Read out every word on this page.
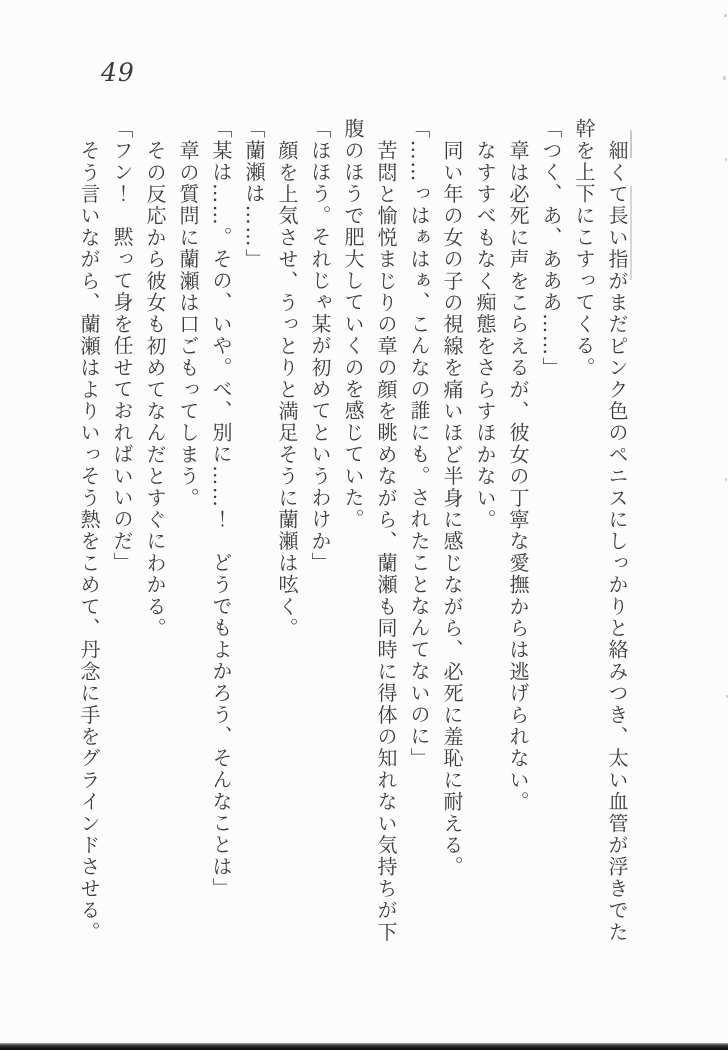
49

細くて長い指がまだピンク色のペニスにしっかりと絡みつき、太い血管が浮きでた

幹を上下にこすってくる。

「つく、あ、あああ……」

章は必死に声をこらえるが、彼女の丁寧な愛撫からは逃げられない。

なすすべもなく痴態をさらすほかない。

同い年の女の子の視線を痛いほど半身に感じながら、必死に羞恥に耐える。

「……っはぁはぁ、こんなの誰にも。されたことなんてないのに」

苦悶と愉悦まじりの章の顔を眺めながら、蘭瀬も同時に得体の知れない気持ちが下

腹のほうで肥大していくのを感じていた。

「ほほう。それじゃ某が初めてというわけか」

顔を上気させ、うっとりと満足そうに蘭瀬は呟く。

「蘭瀬は……」

「某は……。その、いや。べ、別に……！　どうでもよかろう、そんなことは」

章の質問に蘭瀬は口ごもってしまう。

その反応から彼女も初めてなんだとすぐにわかる。

「フン！　黙って身を任せておればいいのだ」

そう言いながら、蘭瀬はよりいっそう熱をこめて、丹念に手をグラインドさせる。
